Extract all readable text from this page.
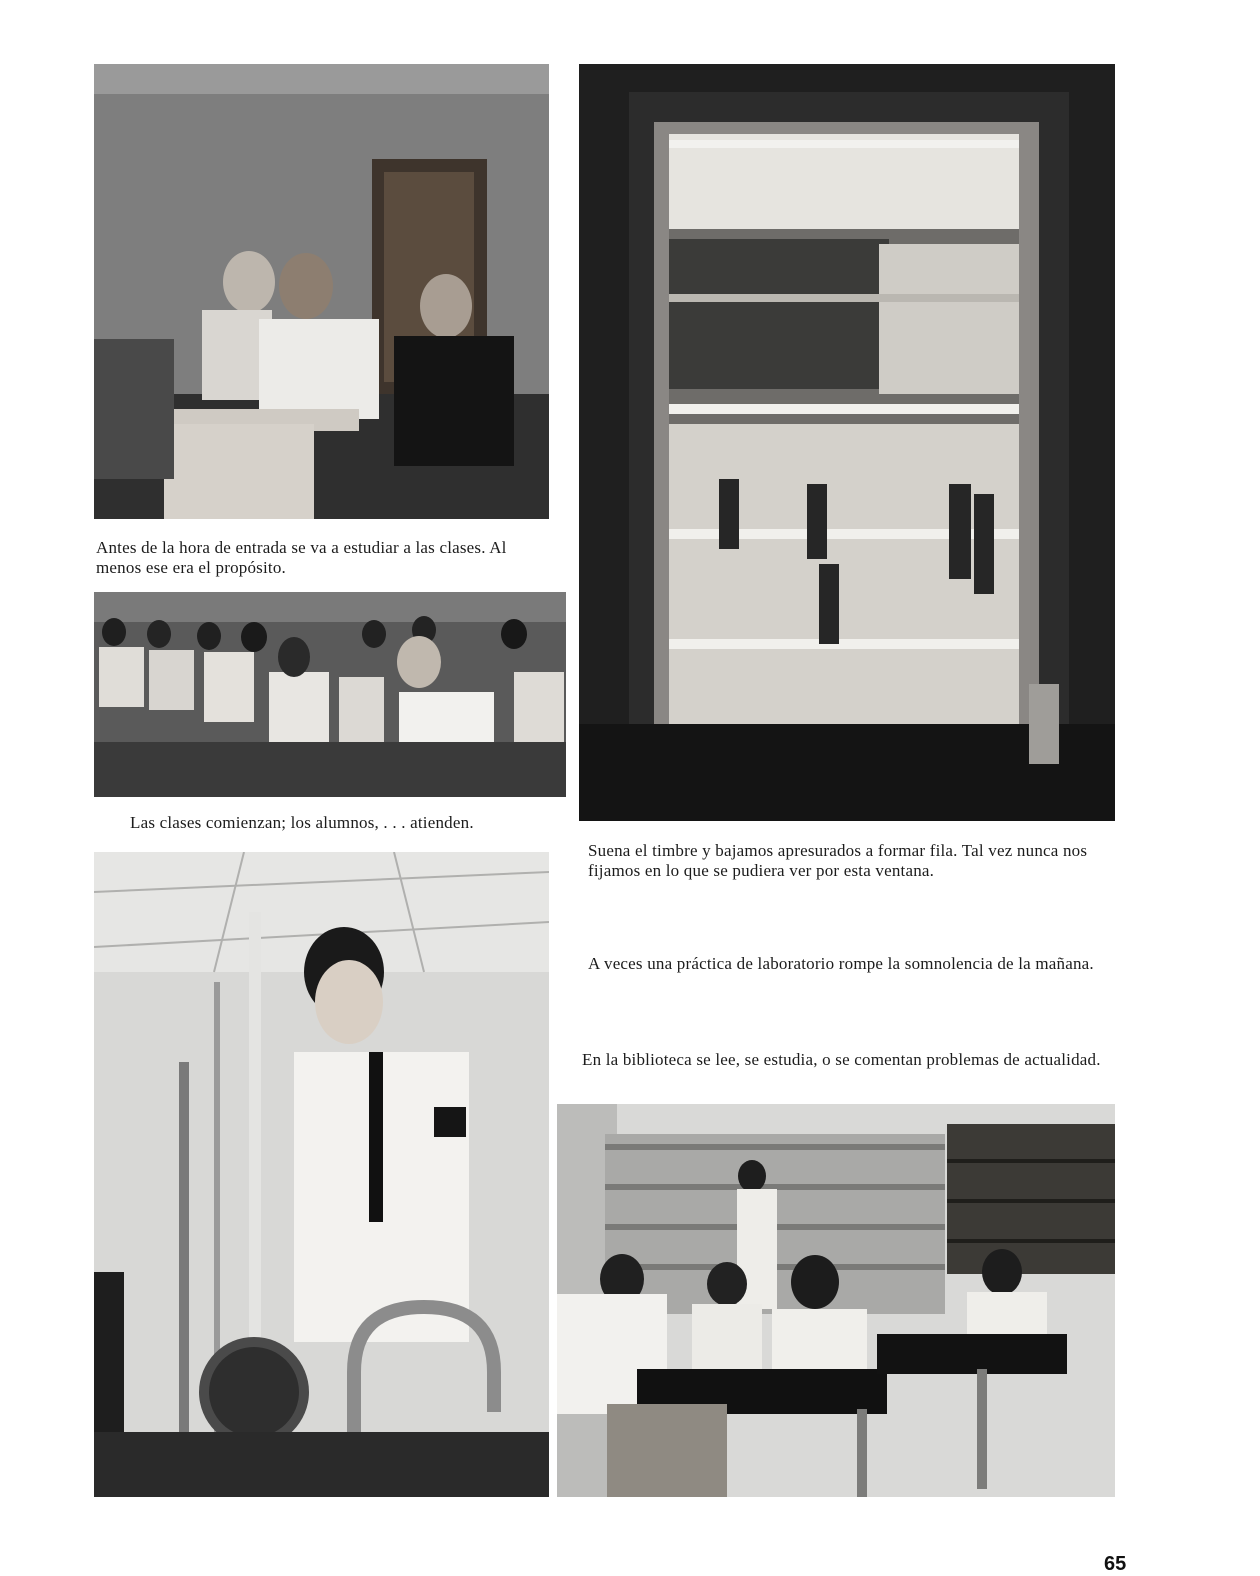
Antes de la hora de entrada se va a estudiar a las clases. Al menos ese era el propósito.

Las clases comienzan; los alumnos, . . . atienden.

Suena el timbre y bajamos apresurados a formar fila. Tal vez nunca nos fijamos en lo que se pudiera ver por esta ventana.

A veces una práctica de laboratorio rompe la somnolencia de la mañana.

En la biblioteca se lee, se estudia, o se comentan problemas de actualidad.

65
